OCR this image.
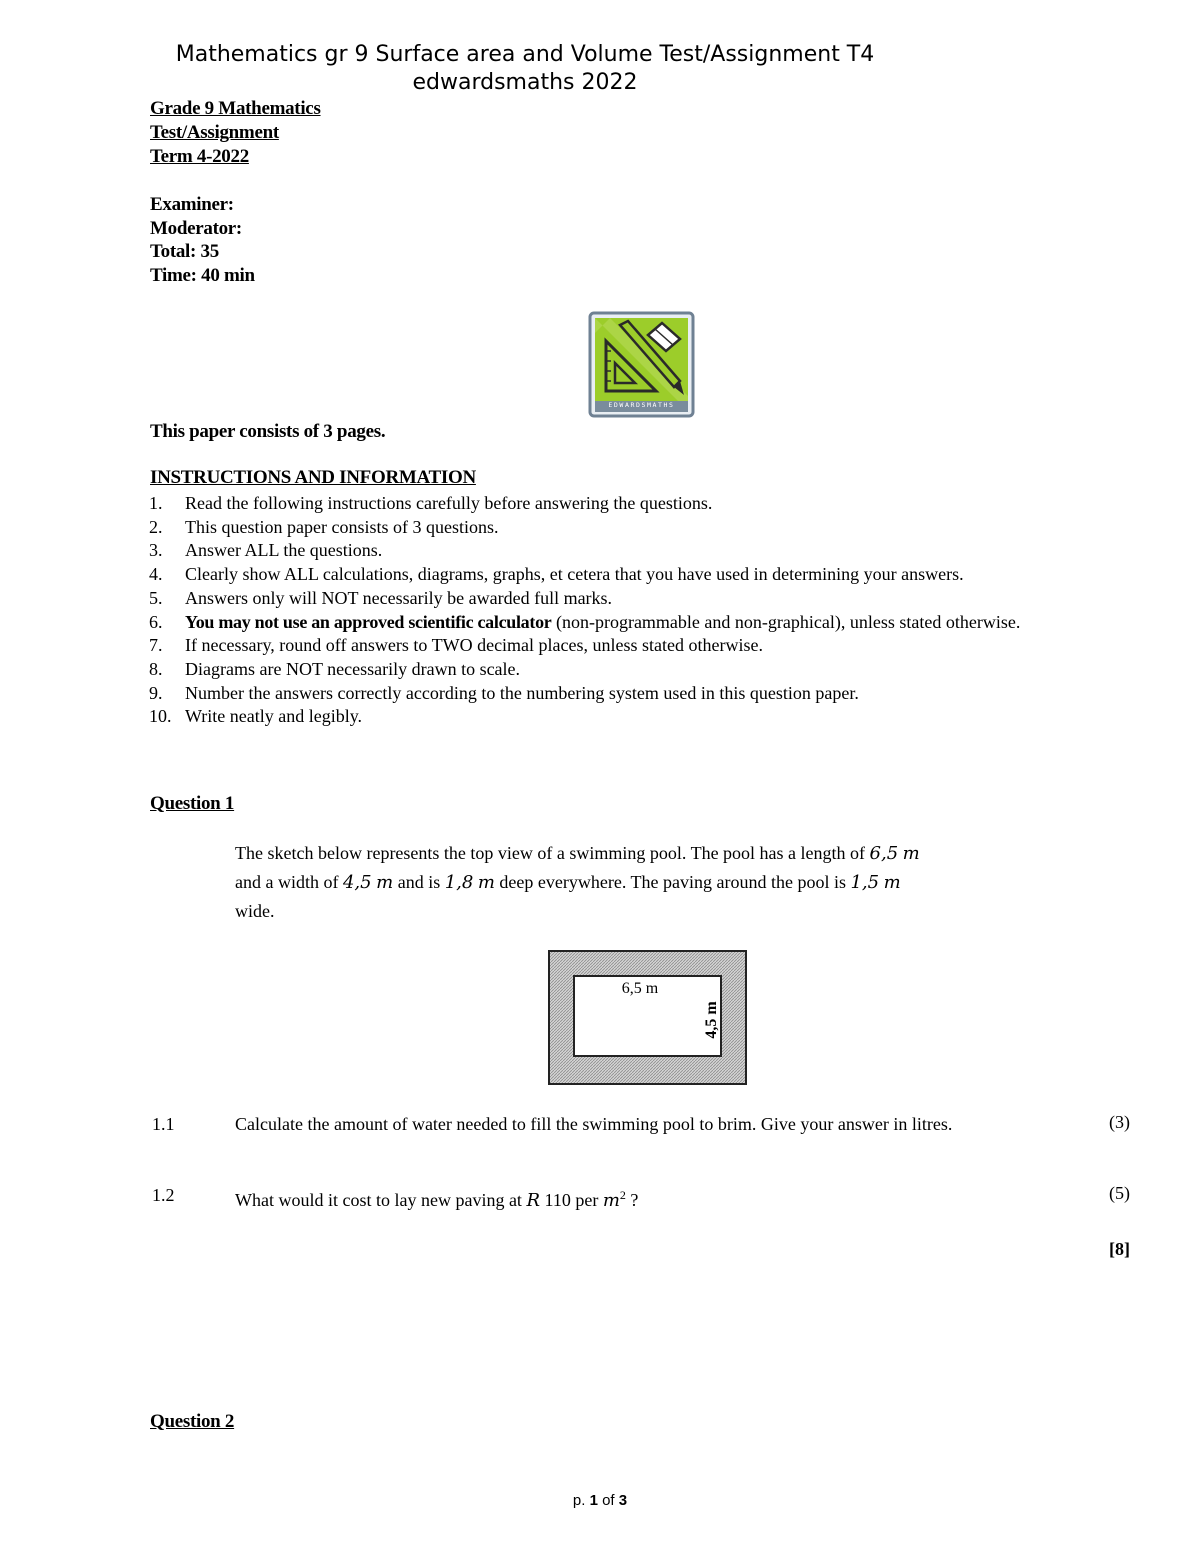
Mathematics gr 9 Surface area and Volume Test/Assignment T4
edwardsmaths 2022
Grade 9 Mathematics
Test/Assignment
Term 4-2022
Examiner:
Moderator:
Total: 35
Time: 40 min
EDWARDSMATHS
This paper consists of 3 pages.
INSTRUCTIONS AND INFORMATION
1.	Read the following instructions carefully before answering the questions.
2.	This question paper consists of 3 questions.
3.	Answer ALL the questions.
4.	Clearly show ALL calculations, diagrams, graphs, et cetera that you have used in determining your answers.
5.	Answers only will NOT necessarily be awarded full marks.
6.	You may not use an approved scientific calculator (non-programmable and non-graphical), unless stated otherwise.
7.	If necessary, round off answers to TWO decimal places, unless stated otherwise.
8.	Diagrams are NOT necessarily drawn to scale.
9.	Number the answers correctly according to the numbering system used in this question paper.
10. Write neatly and legibly.
Question 1
The sketch below represents the top view of a swimming pool. The pool has a length of 6,5 m
and a width of 4,5 m and is 1,8 m deep everywhere. The paving around the pool is 1,5 m
wide.
6,5 m
4,5 m
1.1	Calculate the amount of water needed to fill the swimming pool to brim. Give your answer in litres.	(3)
1.2	What would it cost to lay new paving at R 110 per $m^2$ ?	(5)
[8]
Question 2
p. 1 of 3
